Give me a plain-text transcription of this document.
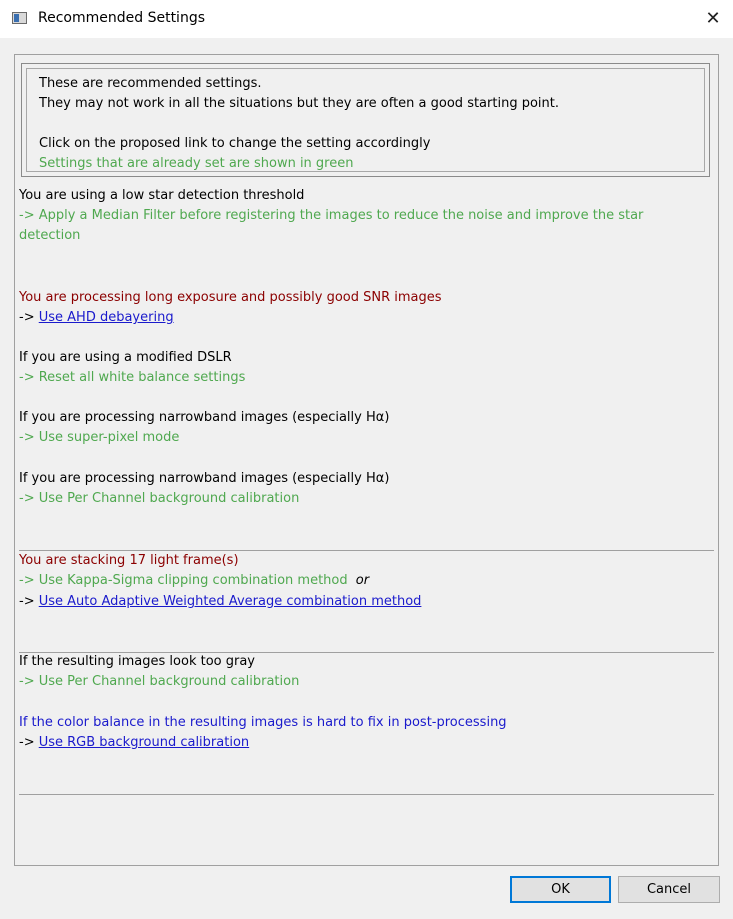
Recommended Settings	✕
These are recommended settings.
They may not work in all the situations but they are often a good starting point.
Click on the proposed link to change the setting accordingly
Settings that are already set are shown in green
You are using a low star detection threshold
-> Apply a Median Filter before registering the images to reduce the noise and improve the star
detection
You are processing long exposure and possibly good SNR images
-> Use AHD debayering
If you are using a modified DSLR
-> Reset all white balance settings
If you are processing narrowband images (especially Hα)
-> Use super-pixel mode
If you are processing narrowband images (especially Hα)
-> Use Per Channel background calibration
You are stacking 17 light frame(s)
-> Use Kappa-Sigma clipping combination method or
-> Use Auto Adaptive Weighted Average combination method
If the resulting images look too gray
-> Use Per Channel background calibration
If the color balance in the resulting images is hard to fix in post-processing
-> Use RGB background calibration
OK	Cancel
